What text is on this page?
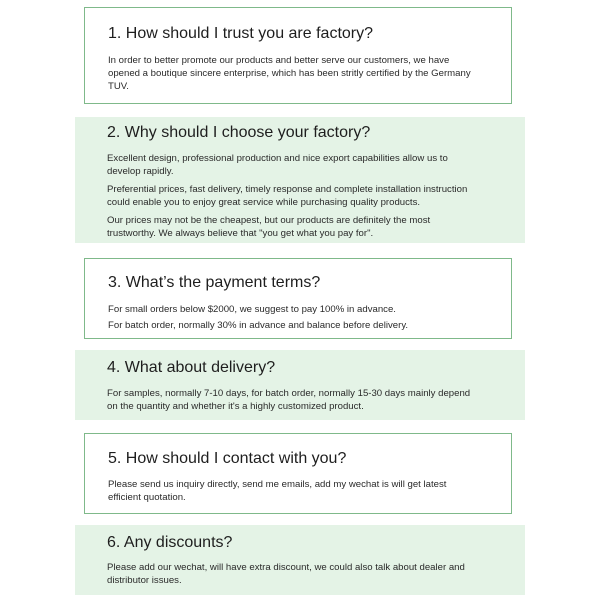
1. How should I trust you are factory?

In order to better promote our products and better serve our customers, we have opened a boutique sincere enterprise, which has been stritly certified by the Germany TUV.

2. Why should I choose your factory?

Excellent design, professional production and nice export capabilities allow us to develop rapidly.

Preferential prices, fast delivery, timely response and complete installation instruction could enable you to enjoy great service while purchasing quality products.

Our prices may not be the cheapest, but our products are definitely the most trustworthy. We always believe that "you get what you pay for".

3. What’s the payment terms?

For small orders below $2000, we suggest to pay 100% in advance.

For batch order, normally 30% in advance and balance before delivery.

4. What about delivery?

For samples, normally 7-10 days, for batch order, normally 15-30 days mainly depend on the quantity and whether it's a highly customized product.

5. How should I contact with you?

Please send us inquiry directly, send me emails, add my wechat is will get latest efficient quotation.

6. Any discounts?

Please add our wechat, will have extra discount, we could also talk about dealer and distributor issues.
